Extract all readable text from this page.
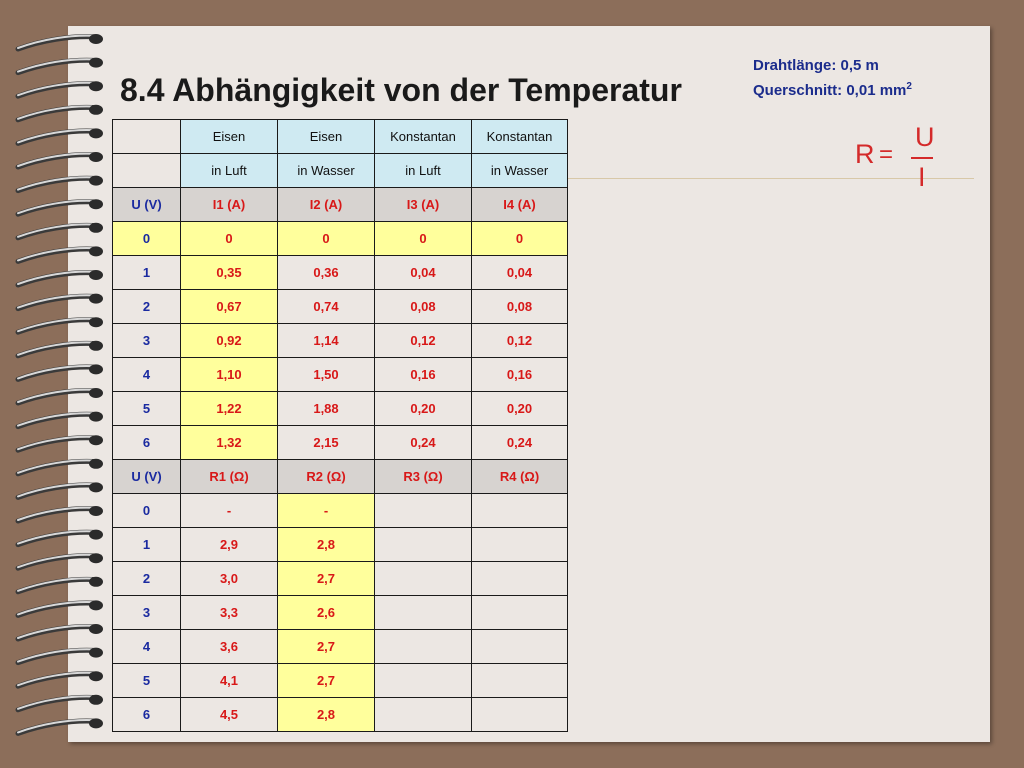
8.4 Abhängigkeit von der Temperatur
Drahtlänge: 0,5 m
Querschnitt: 0,01 $mm^2$
R =
U
I
	Eisen	Eisen	Konstantan	Konstantan
	in Luft	in Wasser	in Luft	in Wasser
U (V)	I1 (A)	I2 (A)	I3 (A)	I4 (A)
0	0	0	0	0
1	0,35	0,36	0,04	0,04
2	0,67	0,74	0,08	0,08
3	0,92	1,14	0,12	0,12
4	1,10	1,50	0,16	0,16
5	1,22	1,88	0,20	0,20
6	1,32	2,15	0,24	0,24
U (V)	R1 (Ω)	R2 (Ω)	R3 (Ω)	R4 (Ω)
0	-	-		
1	2,9	2,8		
2	3,0	2,7		
3	3,3	2,6		
4	3,6	2,7		
5	4,1	2,7		
6	4,5	2,8		
